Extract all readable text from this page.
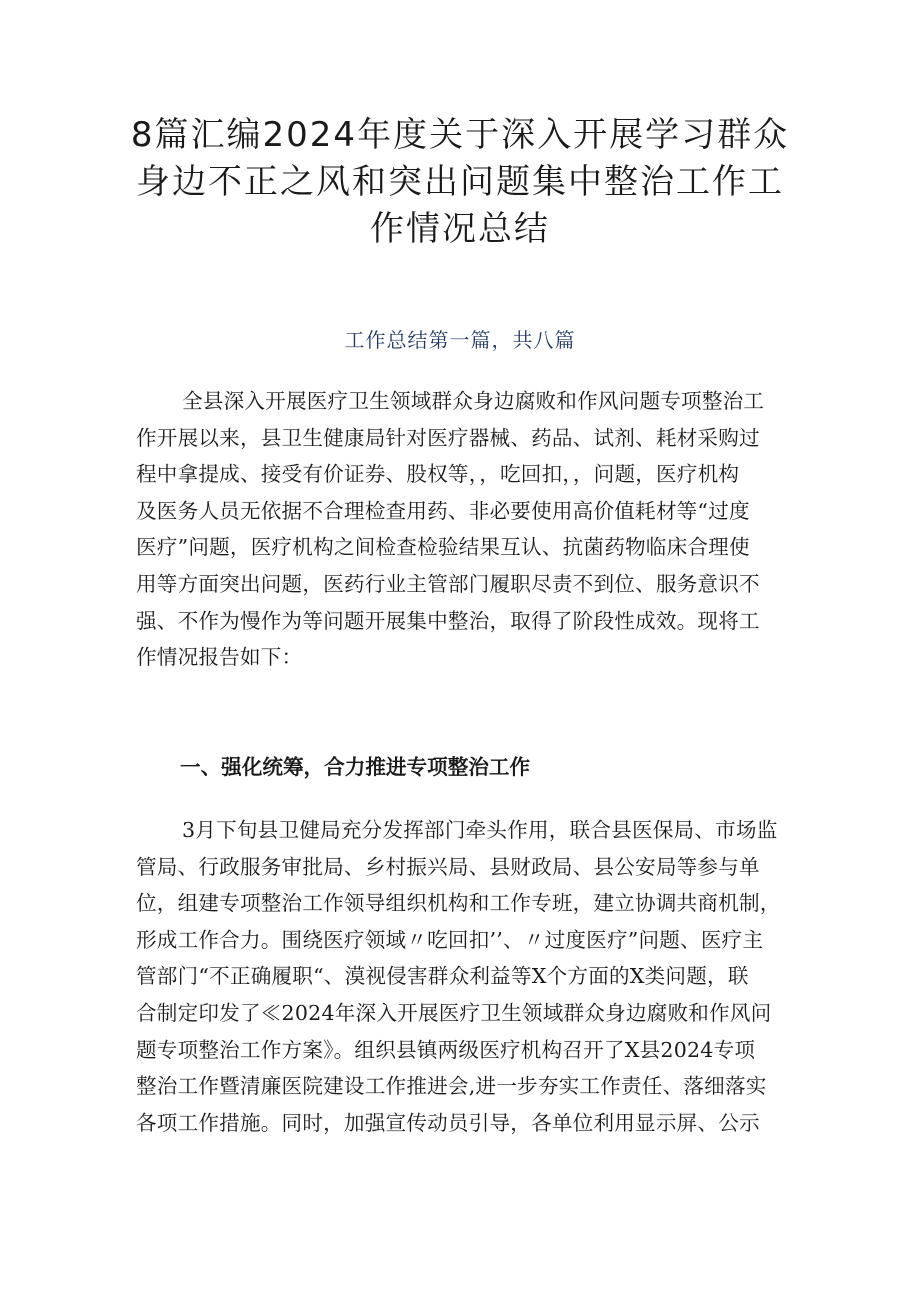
8篇汇编2024年度关于深入开展学习群众
身边不正之风和突出问题集中整治工作工
作情况总结

工作总结第一篇，共八篇

全县深入开展医疗卫生领域群众身边腐败和作风问题专项整治工
作开展以来，县卫生健康局针对医疗器械、药品、试剂、耗材采购过
程中拿提成、接受有价证券、股权等，，吃回扣，，问题，医疗机构
及医务人员无依据不合理检查用药、非必要使用高价值耗材等“过度
医疗”问题，医疗机构之间检查检验结果互认、抗菌药物临床合理使
用等方面突出问题，医药行业主管部门履职尽责不到位、服务意识不
强、不作为慢作为等问题开展集中整治，取得了阶段性成效。现将工
作情况报告如下：
一、强化统筹，合力推进专项整治工作
3月下旬县卫健局充分发挥部门牵头作用，联合县医保局、市场监
管局、行政服务审批局、乡村振兴局、县财政局、县公安局等参与单
位，组建专项整治工作领导组织机构和工作专班，建立协调共商机制，
形成工作合力。围绕医疗领域〃吃回扣’’、〃过度医疗”问题、医疗主
管部门“不正确履职“、漠视侵害群众利益等X个方面的X类问题，联
合制定印发了≪2024年深入开展医疗卫生领域群众身边腐败和作风问
题专项整治工作方案》。组织县镇两级医疗机构召开了X县2024专项
整治工作暨清廉医院建设工作推进会,进一步夯实工作责任、落细落实
各项工作措施。同时，加强宣传动员引导，各单位利用显示屏、公示
